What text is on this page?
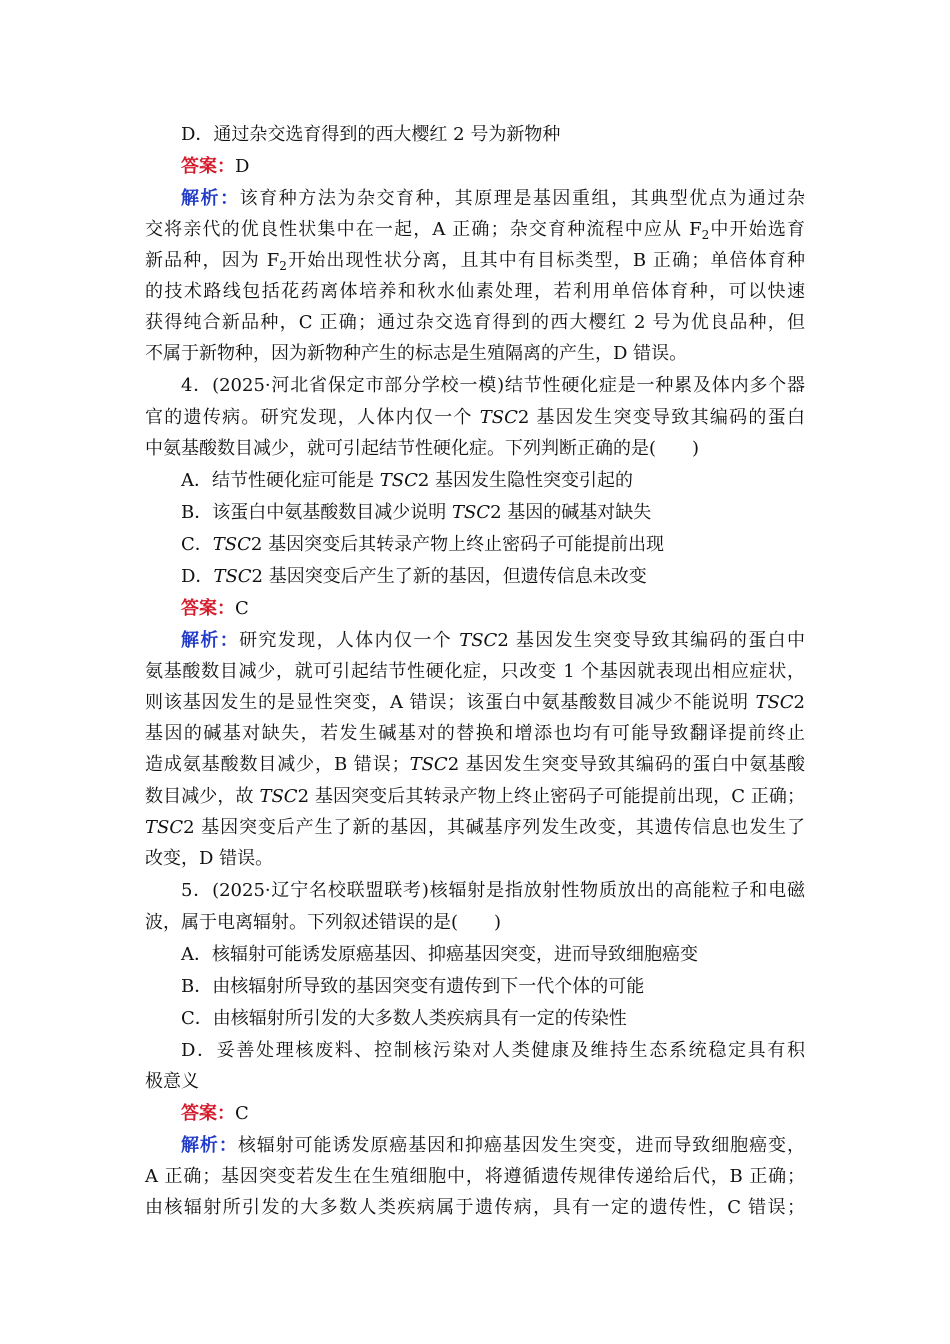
D．通过杂交选育得到的西大樱红 2 号为新物种
答案：D
解析：该育种方法为杂交育种，其原理是基因重组，其典型优点为通过杂
交将亲代的优良性状集中在一起，A 正确；杂交育种流程中应从 $F_2$中开始选育
新品种，因为 $F_2$开始出现性状分离，且其中有目标类型，B 正确；单倍体育种
的技术路线包括花药离体培养和秋水仙素处理，若利用单倍体育种，可以快速
获得纯合新品种，C 正确；通过杂交选育得到的西大樱红 2 号为优良品种，但
不属于新物种，因为新物种产生的标志是生殖隔离的产生，D 错误。
4．(2025·河北省保定市部分学校一模)结节性硬化症是一种累及体内多个器
官的遗传病。研究发现，人体内仅一个 TSC2 基因发生突变导致其编码的蛋白
中氨基酸数目减少，就可引起结节性硬化症。下列判断正确的是(　　)
A．结节性硬化症可能是 TSC2 基因发生隐性突变引起的
B．该蛋白中氨基酸数目减少说明 TSC2 基因的碱基对缺失
C．TSC2 基因突变后其转录产物上终止密码子可能提前出现
D．TSC2 基因突变后产生了新的基因，但遗传信息未改变
答案：C
解析：研究发现，人体内仅一个 TSC2 基因发生突变导致其编码的蛋白中
氨基酸数目减少，就可引起结节性硬化症，只改变 1 个基因就表现出相应症状，
则该基因发生的是显性突变，A 错误；该蛋白中氨基酸数目减少不能说明 TSC2
基因的碱基对缺失，若发生碱基对的替换和增添也均有可能导致翻译提前终止
造成氨基酸数目减少，B 错误；TSC2 基因发生突变导致其编码的蛋白中氨基酸
数目减少，故 TSC2 基因突变后其转录产物上终止密码子可能提前出现，C 正确；
TSC2 基因突变后产生了新的基因，其碱基序列发生改变，其遗传信息也发生了
改变，D 错误。
5．(2025·辽宁名校联盟联考)核辐射是指放射性物质放出的高能粒子和电磁
波，属于电离辐射。下列叙述错误的是(　　)
A．核辐射可能诱发原癌基因、抑癌基因突变，进而导致细胞癌变
B．由核辐射所导致的基因突变有遗传到下一代个体的可能
C．由核辐射所引发的大多数人类疾病具有一定的传染性
D．妥善处理核废料、控制核污染对人类健康及维持生态系统稳定具有积
极意义
答案：C
解析：核辐射可能诱发原癌基因和抑癌基因发生突变，进而导致细胞癌变，
A 正确；基因突变若发生在生殖细胞中，将遵循遗传规律传递给后代，B 正确；
由核辐射所引发的大多数人类疾病属于遗传病，具有一定的遗传性，C 错误；
